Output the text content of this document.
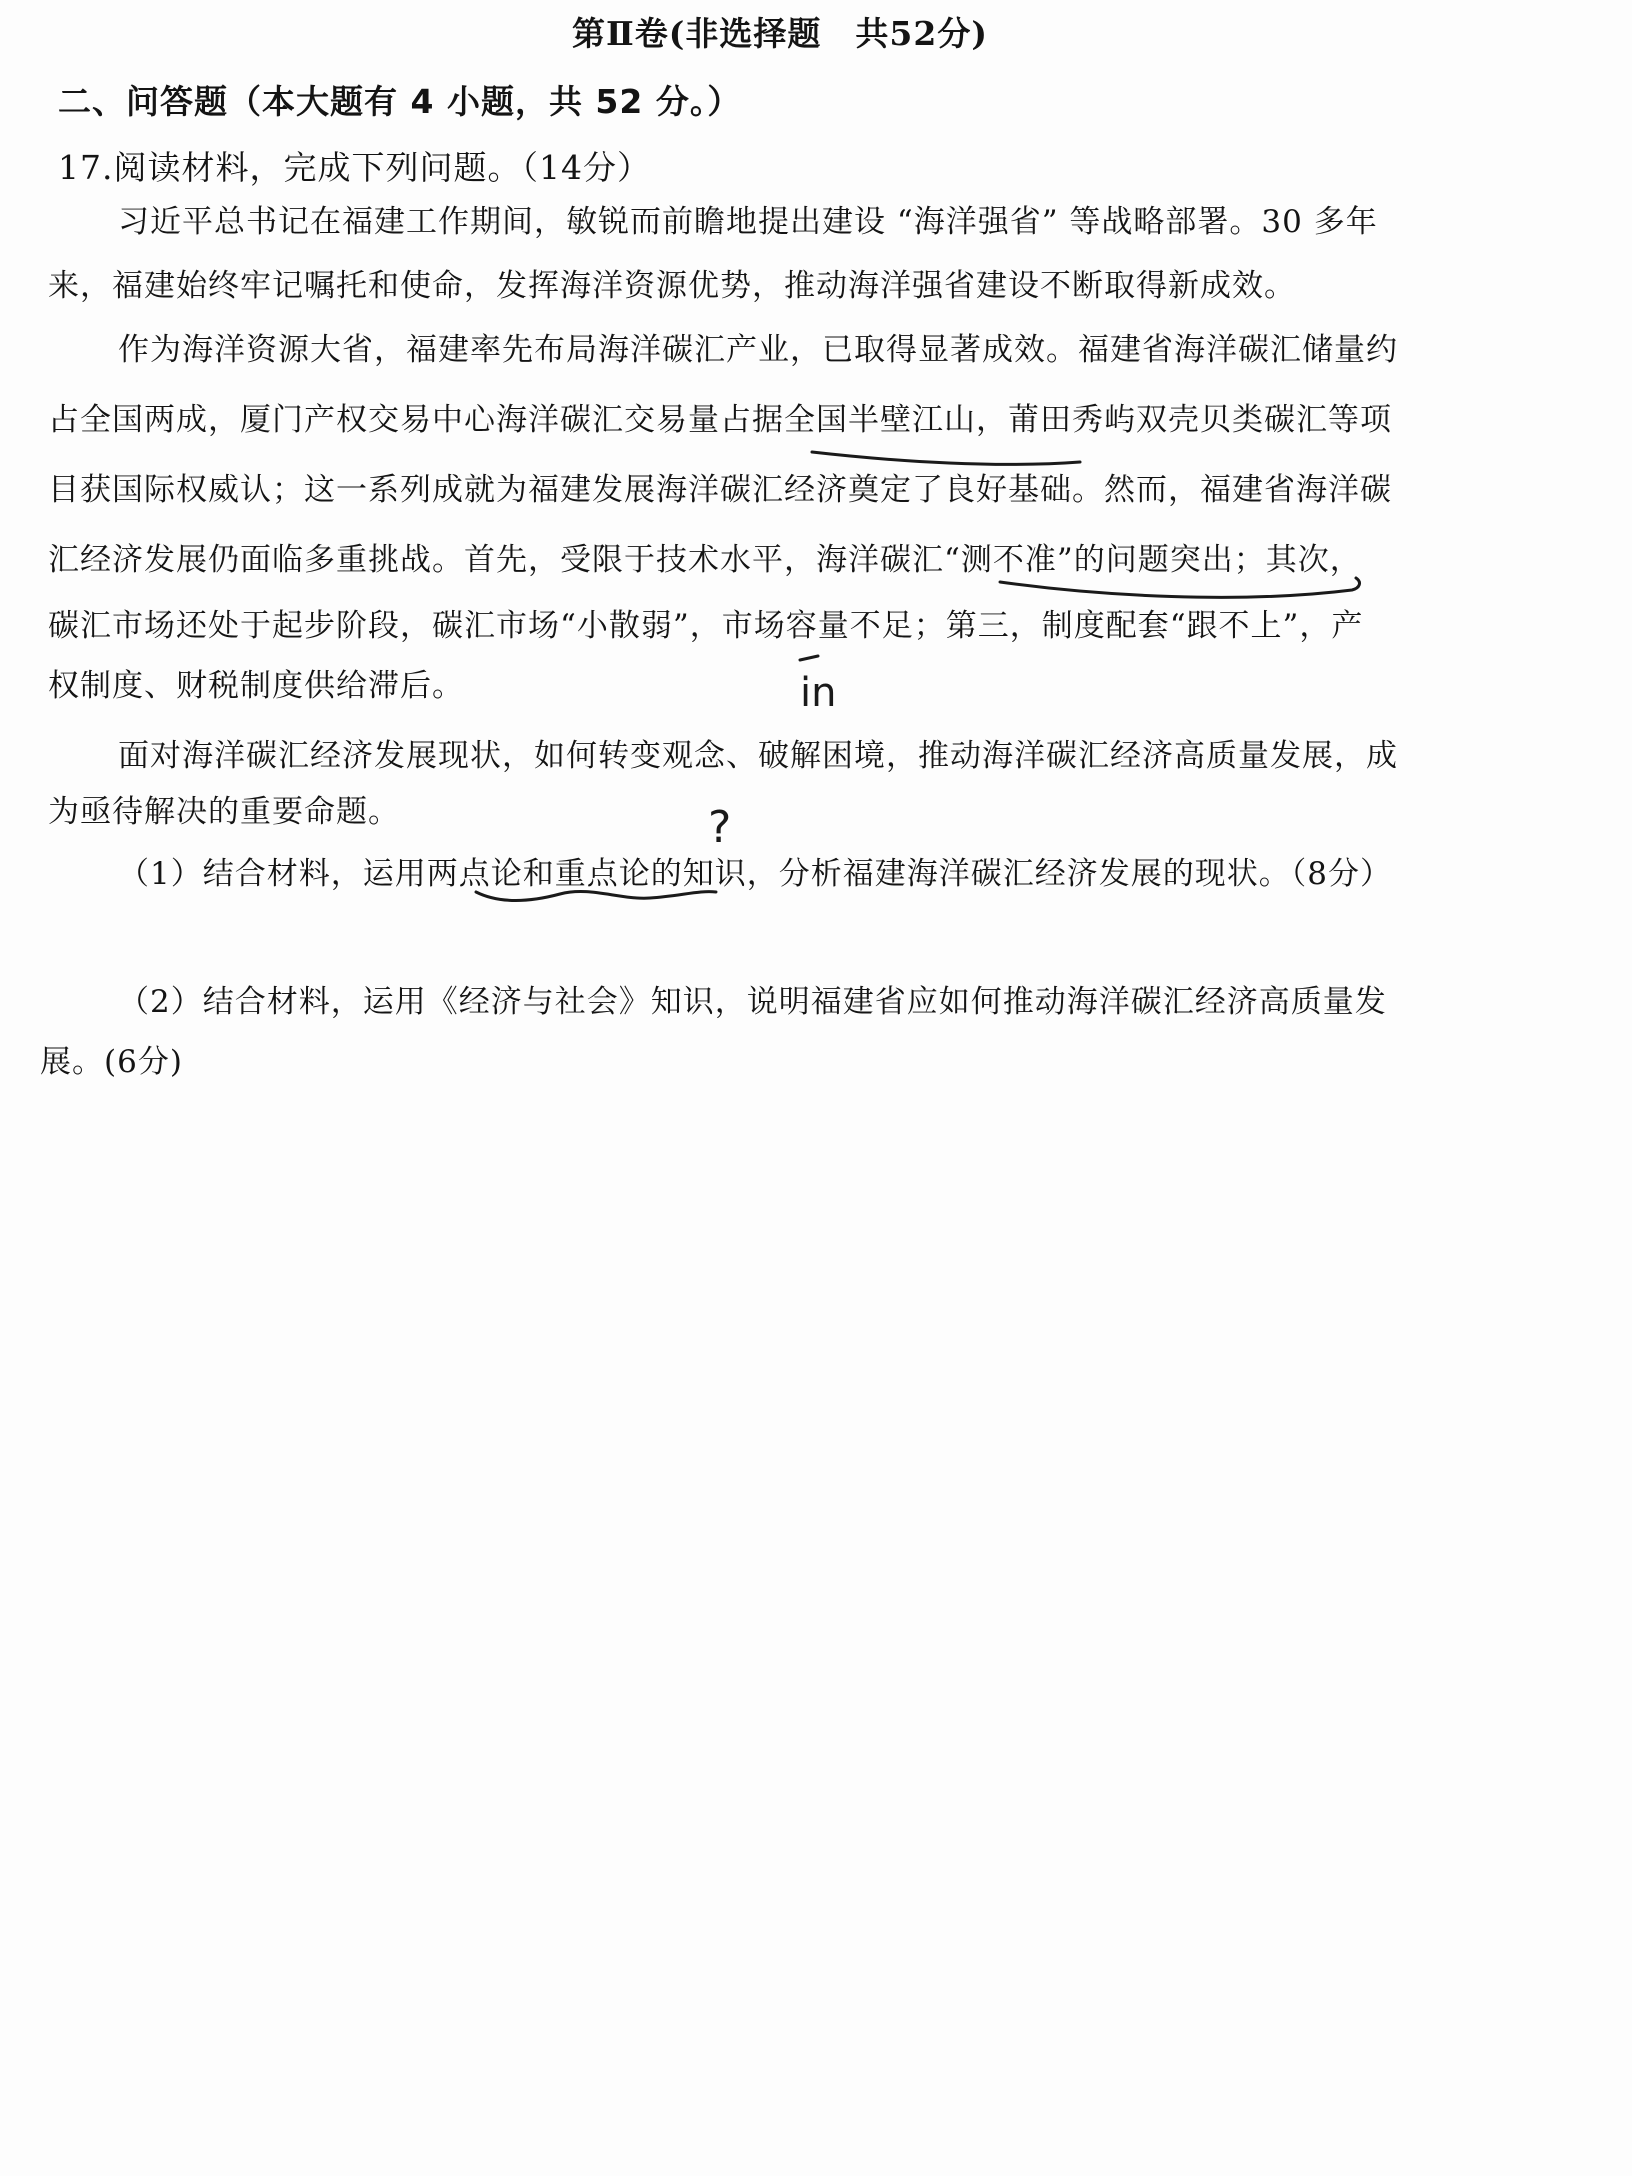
第Ⅱ卷(非选择题　共52分)
二、问答题（本大题有 4 小题，共 52 分。）
17.阅读材料，完成下列问题。（14分）
习近平总书记在福建工作期间，敏锐而前瞻地提出建设 “海洋强省” 等战略部署。30 多年
来，福建始终牢记嘱托和使命，发挥海洋资源优势，推动海洋强省建设不断取得新成效。
作为海洋资源大省，福建率先布局海洋碳汇产业，已取得显著成效。福建省海洋碳汇储量约
占全国两成，厦门产权交易中心海洋碳汇交易量占据全国半壁江山，莆田秀屿双壳贝类碳汇等项
目获国际权威认；这一系列成就为福建发展海洋碳汇经济奠定了良好基础。然而，福建省海洋碳
汇经济发展仍面临多重挑战。首先，受限于技术水平，海洋碳汇“测不准”的问题突出；其次，
碳汇市场还处于起步阶段，碳汇市场“小散弱”，市场容量不足；第三，制度配套“跟不上”，产
权制度、财税制度供给滞后。
面对海洋碳汇经济发展现状，如何转变观念、破解困境，推动海洋碳汇经济高质量发展，成
为亟待解决的重要命题。
（1）结合材料，运用两点论和重点论的知识，分析福建海洋碳汇经济发展的现状。（8分）
（2）结合材料，运用《经济与社会》知识，说明福建省应如何推动海洋碳汇经济高质量发
展。(6分)
in
?
